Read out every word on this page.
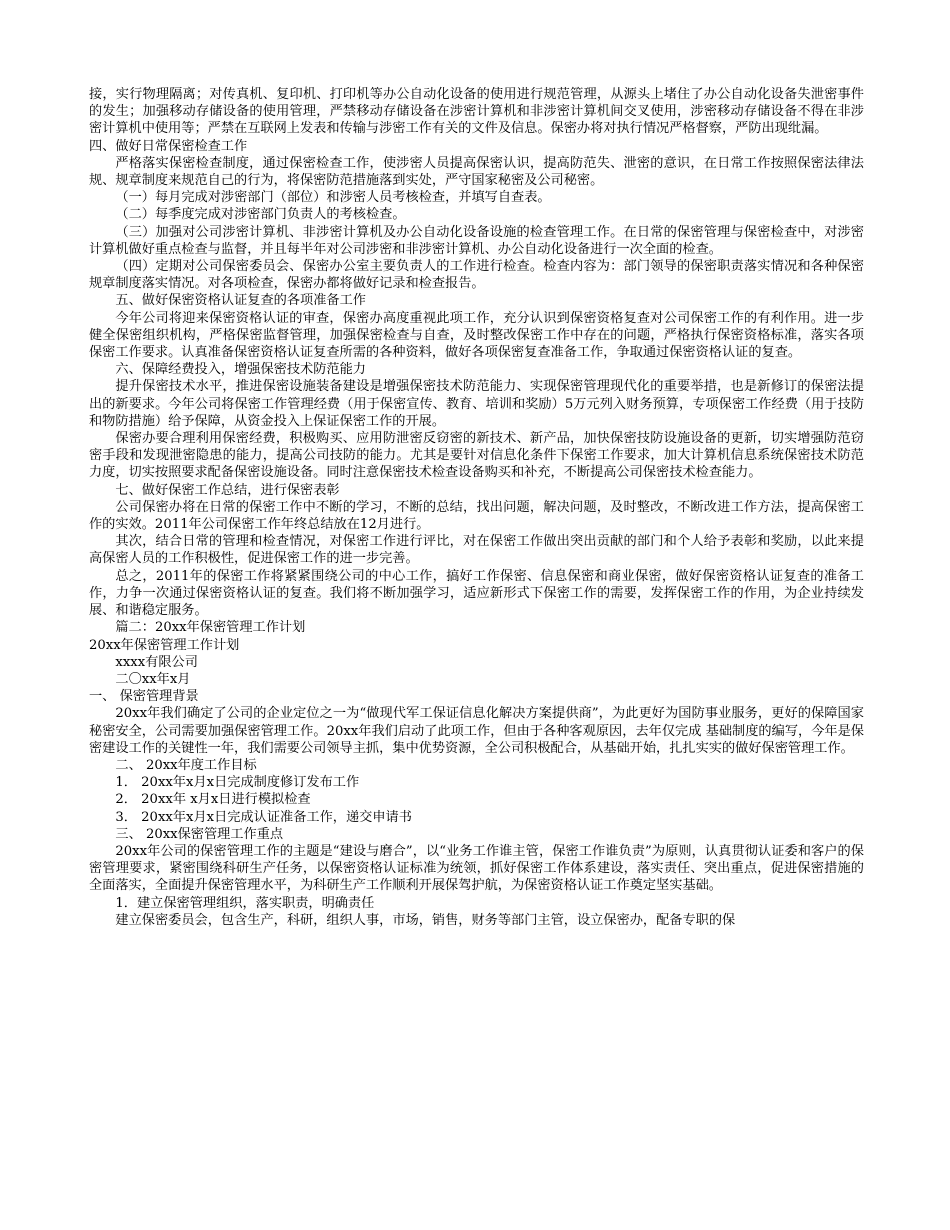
接，实行物理隔离；对传真机、复印机、打印机等办公自动化设备的使用进行规范管理，从源头上堵住了办公自动化设备失泄密事件的发生；加强移动存储设备的使用管理，严禁移动存储设备在涉密计算机和非涉密计算机间交叉使用，涉密移动存储设备不得在非涉密计算机中使用等；严禁在互联网上发表和传输与涉密工作有关的文件及信息。保密办将对执行情况严格督察，严防出现纰漏。

四、做好日常保密检查工作

严格落实保密检查制度，通过保密检查工作，使涉密人员提高保密认识，提高防范失、泄密的意识，在日常工作按照保密法律法规、规章制度来规范自己的行为，将保密防范措施落到实处，严守国家秘密及公司秘密。

（一）每月完成对涉密部门（部位）和涉密人员考核检查，并填写自查表。

（二）每季度完成对涉密部门负责人的考核检查。

（三）加强对公司涉密计算机、非涉密计算机及办公自动化设备设施的检查管理工作。在日常的保密管理与保密检查中，对涉密计算机做好重点检查与监督，并且每半年对公司涉密和非涉密计算机、办公自动化设备进行一次全面的检查。

（四）定期对公司保密委员会、保密办公室主要负责人的工作进行检查。检查内容为：部门领导的保密职责落实情况和各种保密规章制度落实情况。对各项检查，保密办都将做好记录和检查报告。

五、做好保密资格认证复查的各项准备工作

今年公司将迎来保密资格认证的审查，保密办高度重视此项工作，充分认识到保密资格复查对公司保密工作的有利作用。进一步健全保密组织机构，严格保密监督管理，加强保密检查与自查，及时整改保密工作中存在的问题，严格执行保密资格标准，落实各项保密工作要求。认真准备保密资格认证复查所需的各种资料，做好各项保密复查准备工作，争取通过保密资格认证的复查。

六、保障经费投入，增强保密技术防范能力

提升保密技术水平，推进保密设施装备建设是增强保密技术防范能力、实现保密管理现代化的重要举措，也是新修订的保密法提出的新要求。今年公司将保密工作管理经费（用于保密宣传、教育、培训和奖励）5万元列入财务预算，专项保密工作经费（用于技防和物防措施）给予保障，从资金投入上保证保密工作的开展。

保密办要合理利用保密经费，积极购买、应用防泄密反窃密的新技术、新产品，加快保密技防设施设备的更新，切实增强防范窃密手段和发现泄密隐患的能力，提高公司技防的能力。尤其是要针对信息化条件下保密工作要求，加大计算机信息系统保密技术防范力度，切实按照要求配备保密设施设备。同时注意保密技术检查设备购买和补充，不断提高公司保密技术检查能力。

七、做好保密工作总结，进行保密表彰

公司保密办将在日常的保密工作中不断的学习，不断的总结，找出问题，解决问题，及时整改，不断改进工作方法，提高保密工作的实效。2011年公司保密工作年终总结放在12月进行。

其次，结合日常的管理和检查情况，对保密工作进行评比，对在保密工作做出突出贡献的部门和个人给予表彰和奖励，以此来提高保密人员的工作积极性，促进保密工作的进一步完善。

总之，2011年的保密工作将紧紧围绕公司的中心工作，搞好工作保密、信息保密和商业保密，做好保密资格认证复查的准备工作，力争一次通过保密资格认证的复查。我们将不断加强学习，适应新形式下保密工作的需要，发挥保密工作的作用，为企业持续发展、和谐稳定服务。

篇二：20xx年保密管理工作计划

20xx年保密管理工作计划

xxxx有限公司

二〇xx年x月

一、 保密管理背景

20xx年我们确定了公司的企业定位之一为“做现代军工保证信息化解决方案提供商”，为此更好为国防事业服务，更好的保障国家秘密安全，公司需要加强保密管理工作。20xx年我们启动了此项工作，但由于各种客观原因，去年仅完成 基础制度的编写，今年是保密建设工作的关键性一年，我们需要公司领导主抓，集中优势资源，全公司积极配合，从基础开始，扎扎实实的做好保密管理工作。

二、 20xx年度工作目标

1． 20xx年x月x日完成制度修订发布工作

2． 20xx年 x月x日进行模拟检查

3． 20xx年x月x日完成认证准备工作，递交申请书

三、 20xx保密管理工作重点

20xx年公司的保密管理工作的主题是“建设与磨合”，以“业务工作谁主管，保密工作谁负责”为原则，认真贯彻认证委和客户的保密管理要求，紧密围绕科研生产任务，以保密资格认证标准为统领，抓好保密工作体系建设，落实责任、突出重点，促进保密措施的全面落实，全面提升保密管理水平，为科研生产工作顺利开展保驾护航，为保密资格认证工作奠定坚实基础。

1．建立保密管理组织，落实职责，明确责任

建立保密委员会，包含生产，科研，组织人事，市场，销售，财务等部门主管，设立保密办，配备专职的保
